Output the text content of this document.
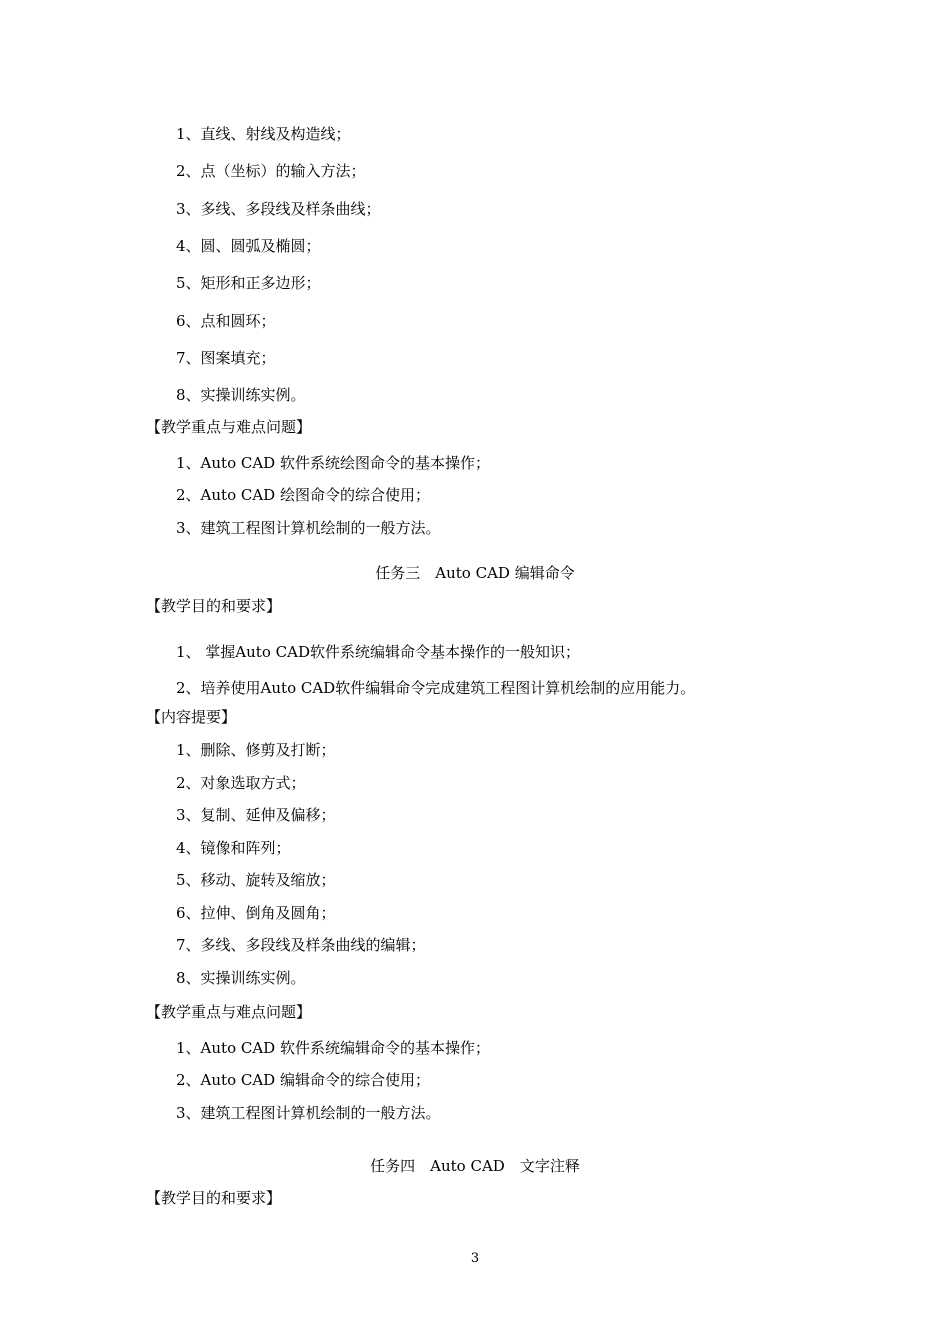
1、直线、射线及构造线；
2、点（坐标）的输入方法；
3、多线、多段线及样条曲线；
4、圆、圆弧及椭圆；
5、矩形和正多边形；
6、点和圆环；
7、图案填充；
8、实操训练实例。
【教学重点与难点问题】
1、Auto CAD 软件系统绘图命令的基本操作；
2、Auto CAD 绘图命令的综合使用；
3、建筑工程图计算机绘制的一般方法。
任务三　Auto CAD 编辑命令
【教学目的和要求】
1、 掌握Auto CAD软件系统编辑命令基本操作的一般知识；
2、培养使用Auto CAD软件编辑命令完成建筑工程图计算机绘制的应用能力。
【内容提要】
1、删除、修剪及打断；
2、对象选取方式；
3、复制、延伸及偏移；
4、镜像和阵列；
5、移动、旋转及缩放；
6、拉伸、倒角及圆角；
7、多线、多段线及样条曲线的编辑；
8、实操训练实例。
【教学重点与难点问题】
1、Auto CAD 软件系统编辑命令的基本操作；
2、Auto CAD 编辑命令的综合使用；
3、建筑工程图计算机绘制的一般方法。
任务四　Auto CAD　文字注释
【教学目的和要求】
3
